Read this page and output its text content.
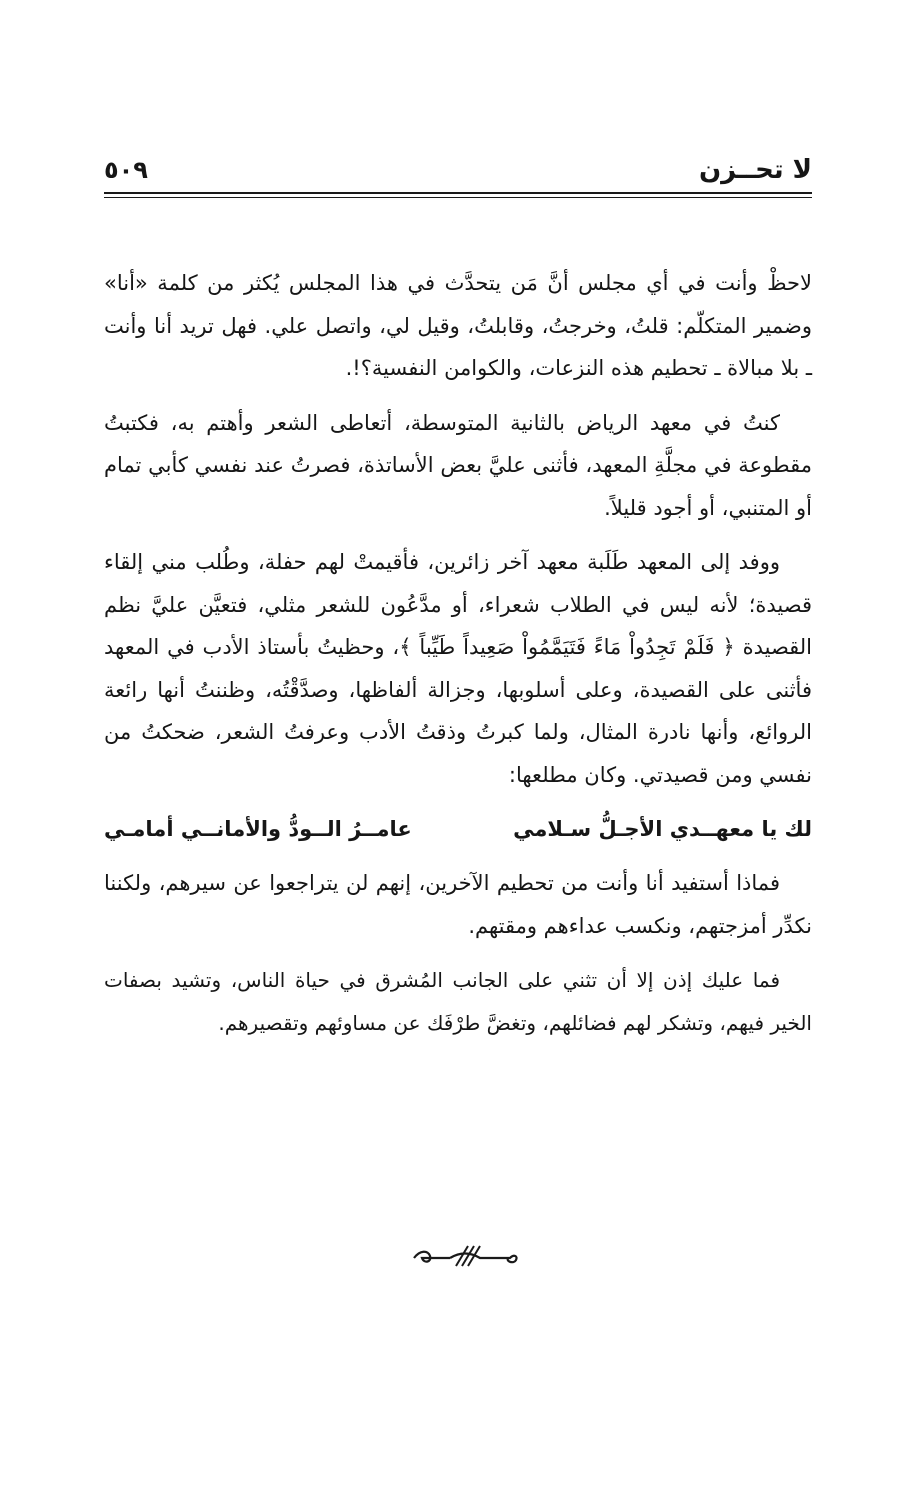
لا تحــزن
٥٠٩

لاحظْ وأنت في أي مجلس أنَّ مَن يتحدَّث في هذا المجلس يُكثر من كلمة «أنا» وضمير المتكلّم: قلتُ، وخرجتُ، وقابلتُ، وقيل لي، واتصل علي. فهل تريد أنا وأنت ـ بلا مبالاة ـ تحطيم هذه النزعات، والكوامن النفسية؟!.

كنتُ في معهد الرياض بالثانية المتوسطة، أتعاطى الشعر وأهتم به، فكتبتُ مقطوعة في مجلَّةِ المعهد، فأثنى عليَّ بعض الأساتذة، فصرتُ عند نفسي كأبي تمام أو المتنبي، أو أجود قليلاً.

ووفد إلى المعهد طَلَبة معهد آخر زائرين، فأقيمتْ لهم حفلة، وطُلب مني إلقاء قصيدة؛ لأنه ليس في الطلاب شعراء، أو مدَّعُون للشعر مثلي، فتعيَّن عليَّ نظم القصيدة ﴿ فَلَمْ تَجِدُواْ مَاءً فَتَيَمَّمُواْ صَعِيداً طَيِّباً ﴾، وحظيتُ بأستاذ الأدب في المعهد فأثنى على القصيدة، وعلى أسلوبها، وجزالة ألفاظها، وصدَّقْتُه، وظننتُ أنها رائعة الروائع، وأنها نادرة المثال، ولما كبرتُ وذقتُ الأدب وعرفتُ الشعر، ضحكتُ من نفسي ومن قصيدتي. وكان مطلعها:

لك يا معهــدي الأجـلُّ سـلامي
عامــرُ الــودُّ والأمانــي أمامـي

فماذا أستفيد أنا وأنت من تحطيم الآخرين، إنهم لن يتراجعوا عن سيرهم، ولكننا نكدِّر أمزجتهم، ونكسب عداءهم ومقتهم.

فما عليك إذن إلا أن تثني على الجانب المُشرق في حياة الناس، وتشيد بصفات الخير فيهم، وتشكر لهم فضائلهم، وتغضَّ طرْفَك عن مساوئهم وتقصيرهم.
